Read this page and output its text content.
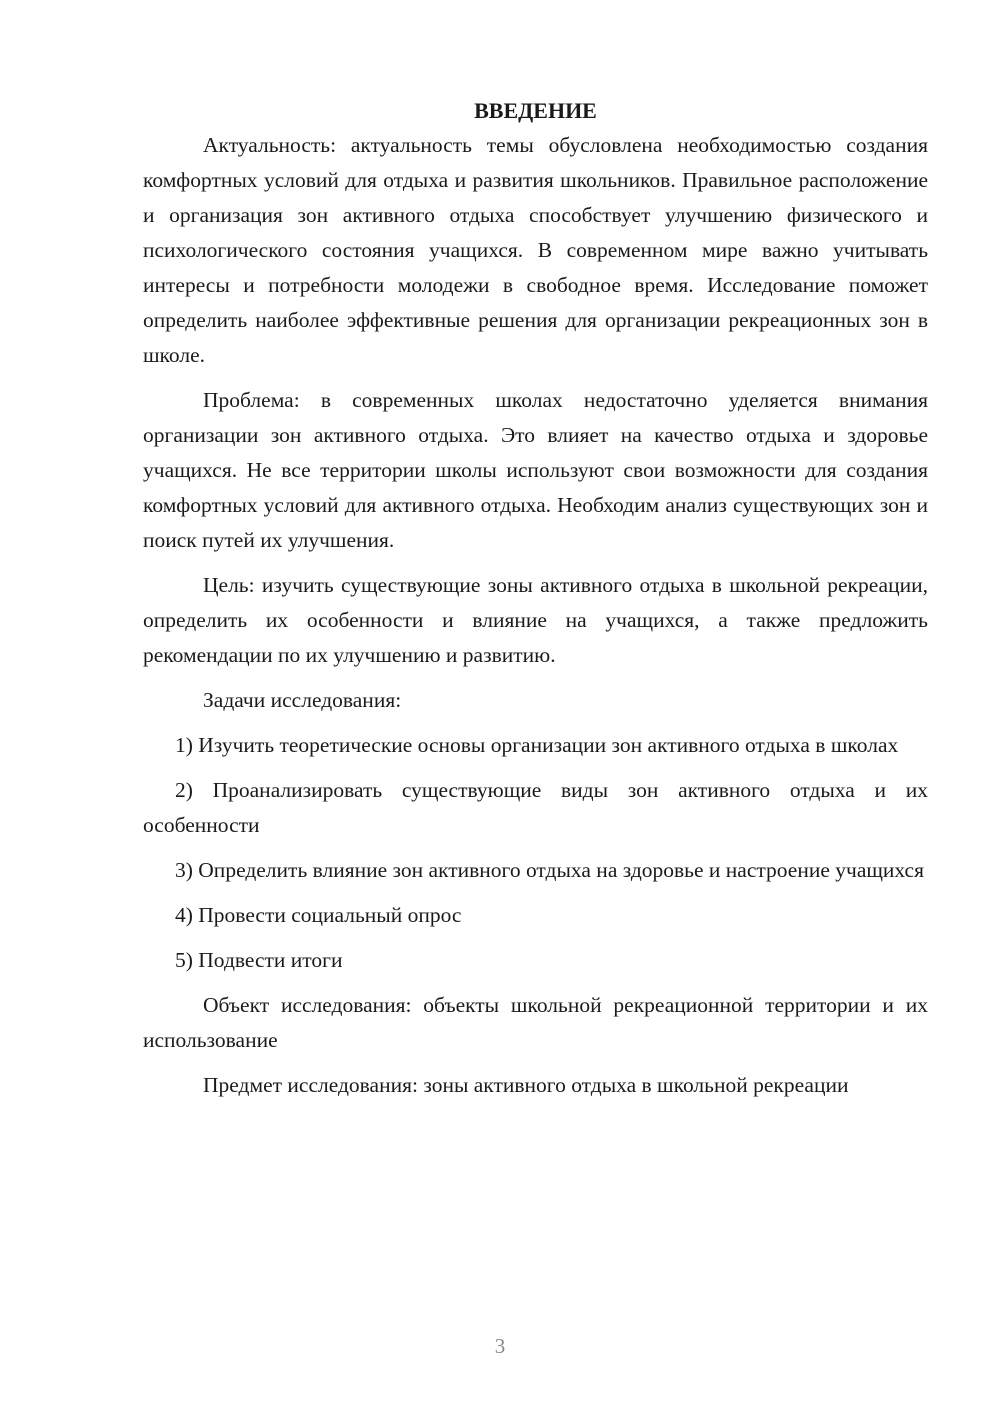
ВВЕДЕНИЕ

Актуальность: актуальность темы обусловлена необходимостью создания комфортных условий для отдыха и развития школьников. Правильное расположение и организация зон активного отдыха способствует улучшению физического и психологического состояния учащихся. В современном мире важно учитывать интересы и потребности молодежи в свободное время. Исследование поможет определить наиболее эффективные решения для организации рекреационных зон в школе.

Проблема: в современных школах недостаточно уделяется внимания организации зон активного отдыха. Это влияет на качество отдыха и здоровье учащихся. Не все территории школы используют свои возможности для создания комфортных условий для активного отдыха. Необходим анализ существующих зон и поиск путей их улучшения.

Цель: изучить существующие зоны активного отдыха в школьной рекреации, определить их особенности и влияние на учащихся, а также предложить рекомендации по их улучшению и развитию.

Задачи исследования:

1) Изучить теоретические основы организации зон активного отдыха в школах

2) Проанализировать существующие виды зон активного отдыха и их особенности

3) Определить влияние зон активного отдыха на здоровье и настроение учащихся

4) Провести социальный опрос

5) Подвести итоги

Объект исследования: объекты школьной рекреационной территории и их использование

Предмет исследования: зоны активного отдыха в школьной рекреации

3
